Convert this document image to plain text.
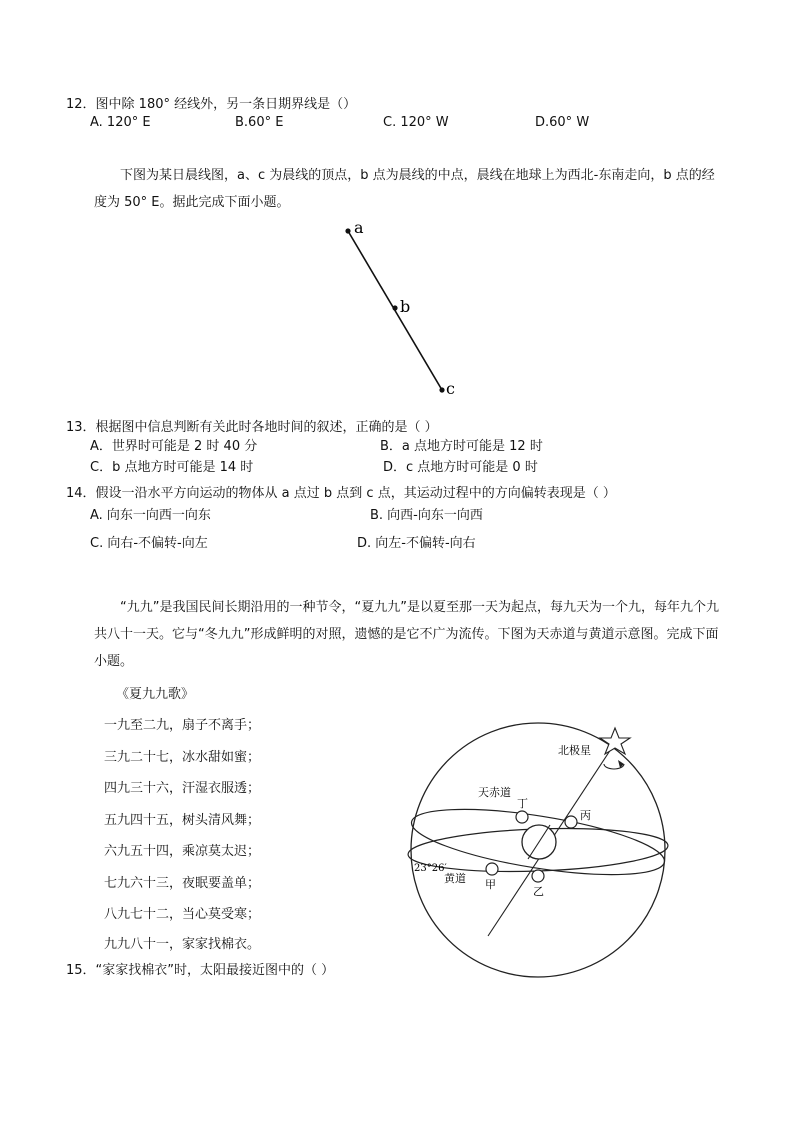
12．图中除 180° 经线外，另一条日期界线是（）
A. 120° E	B.60° E	C. 120° W	D.60° W
下图为某日晨线图，a、c 为晨线的顶点，b 点为晨线的中点，晨线在地球上为西北-东南走向，b 点的经度为 50° E。据此完成下面小题。
a
b
c
13．根据图中信息判断有关此时各地时间的叙述，正确的是（ ）
A．世界时可能是 2 时 40 分	B．a 点地方时可能是 12 时
C．b 点地方时可能是 14 时	D．c 点地方时可能是 0 时
14．假设一沿水平方向运动的物体从 a 点过 b 点到 c 点，其运动过程中的方向偏转表现是（ ）
A. 向东一向西一向东	B. 向西-向东一向西
C. 向右-不偏转-向左	D. 向左-不偏转-向右
“九九”是我国民间长期沿用的一种节令，“夏九九”是以夏至那一天为起点，每九天为一个九，每年九个九共八十一天。它与“冬九九”形成鲜明的对照，遗憾的是它不广为流传。下图为天赤道与黄道示意图。完成下面小题。
《夏九九歌》
一九至二九，扇子不离手；
三九二十七，冰水甜如蜜；
四九三十六，汗湿衣服透；
五九四十五，树头清风舞；
六九五十四，乘凉莫太迟；
七九六十三，夜眠要盖单；
八九七十二，当心莫受寒；
九九八十一，家家找棉衣。
北极星
丁
丙
甲
乙
天赤道
黄道
23°26′
15．“家家找棉衣”时，太阳最接近图中的（ ）
